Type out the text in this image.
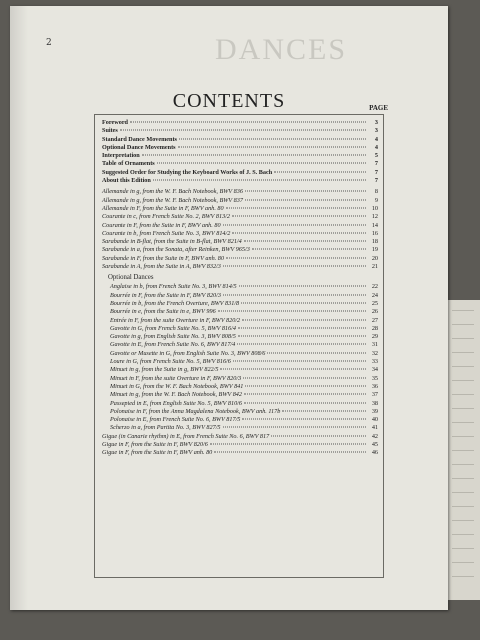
2	DANCES
CONTENTS	PAGE
Foreword	3
Suites	3
Standard Dance Movements	4
Optional Dance Movements	4
Interpretation	5
Table of Ornaments	7
Suggested Order for Studying the Keyboard Works of J. S. Bach	7
About this Edition	7
Allemande in g, from the W. F. Bach Notebook, BWV 836	8
Allemande in g, from the W. F. Bach Notebook, BWV 837	9
Allemande in F, from the Suite in F, BWV anh. 80	10
Courante in c, from French Suite No. 2, BWV 813/2	12
Courante in F, from the Suite in F, BWV anh. 80	14
Courante in b, from French Suite No. 3, BWV 814/2	16
Sarabande in B-flat, from the Suite in B-flat, BWV 821/4	18
Sarabande in a, from the Sonata, after Reinken, BWV 965/3	19
Sarabande in F, from the Suite in F, BWV anh. 80	20
Sarabande in A, from the Suite in A, BWV 832/3	21
Optional Dances
Anglaise in b, from French Suite No. 3, BWV 814/5	22
Bourrée in F, from the Suite in F, BWV 820/3	24
Bourrée in b, from the French Overture, BWV 831/8	25
Bourrée in e, from the Suite in e, BWV 996	26
Entrée in F, from the suite Overture in F, BWV 820/2	27
Gavotte in G, from French Suite No. 5, BWV 816/4	28
Gavotte in g, from English Suite No. 3, BWV 808/5	29
Gavotte in E, from French Suite No. 6, BWV 817/4	31
Gavotte or Musette in G, from English Suite No. 3, BWV 808/6	32
Loure in G, from French Suite No. 5, BWV 816/6	33
Minuet in g, from the Suite in g, BWV 822/5	34
Minuet in F, from the suite Overture in F, BWV 820/3	35
Minuet in G, from the W. F. Bach Notebook, BWV 841	36
Minuet in g, from the W. F. Bach Notebook, BWV 842	37
Passepied in E, from English Suite No. 5, BWV 810/6	38
Polonaise in F, from the Anna Magdalena Notebook, BWV anh. 117b	39
Polonaise in E, from French Suite No. 6, BWV 817/5	40
Scherzo in a, from Partita No. 3, BWV 827/5	41
Gigue (in Canarie rhythm) in E, from French Suite No. 6, BWV 817	42
Gigue in F, from the Suite in F, BWV 820/6	45
Gigue in F, from the Suite in F, BWV anh. 80	46
